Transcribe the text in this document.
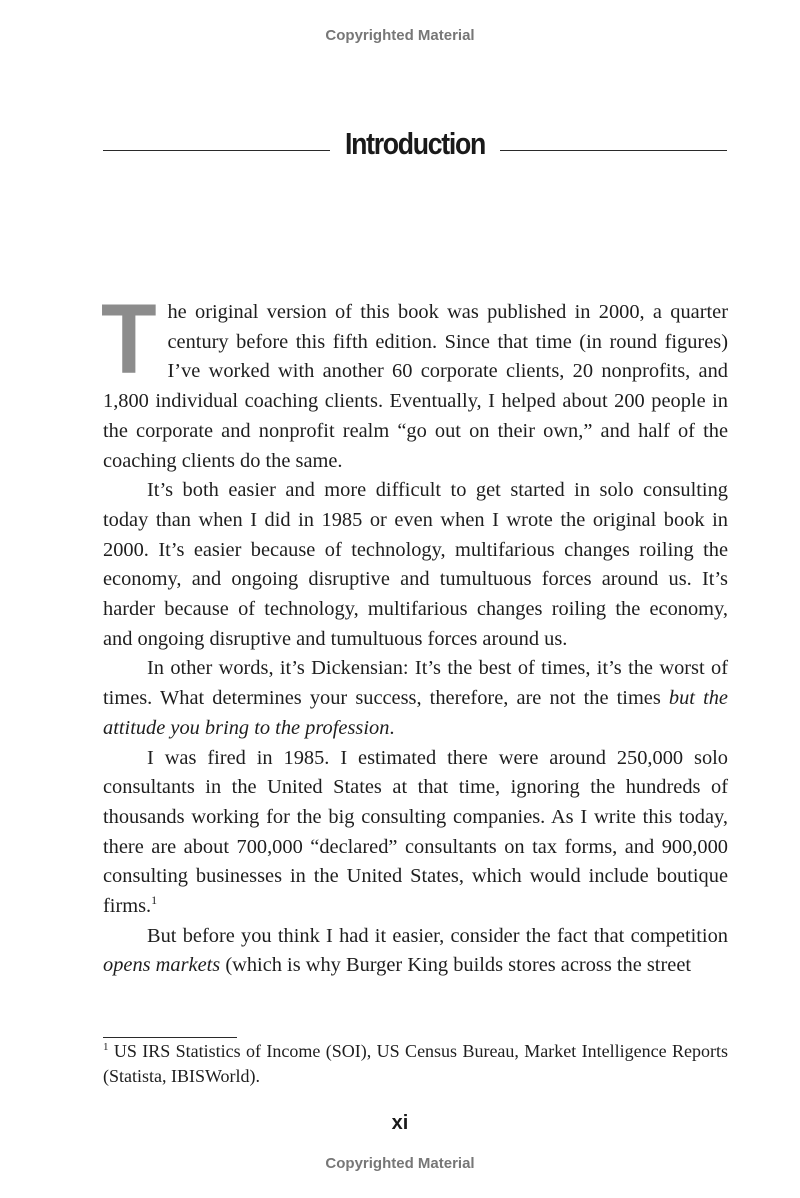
Copyrighted Material
Introduction

The original version of this book was published in 2000, a quarter century before this fifth edition. Since that time (in round figures) I’ve worked with another 60 corporate clients, 20 nonprofits, and 1,800 individual coaching clients. Eventually, I helped about 200 people in the corporate and nonprofit realm “go out on their own,” and half of the coaching clients do the same.

It’s both easier and more difficult to get started in solo consulting today than when I did in 1985 or even when I wrote the original book in 2000. It’s easier because of technology, multifarious changes roiling the economy, and ongoing disruptive and tumultuous forces around us. It’s harder because of technology, multifarious changes roiling the economy, and ongoing disruptive and tumultuous forces around us.

In other words, it’s Dickensian: It’s the best of times, it’s the worst of times. What determines your success, therefore, are not the times but the attitude you bring to the profession.

I was fired in 1985. I estimated there were around 250,000 solo consultants in the United States at that time, ignoring the hundreds of thousands working for the big consulting companies. As I write this today, there are about 700,000 “declared” consultants on tax forms, and 900,000 consulting businesses in the United States, which would include boutique firms.$^1$

But before you think I had it easier, consider the fact that competition opens markets (which is why Burger King builds stores across the street

$^1$ US IRS Statistics of Income (SOI), US Census Bureau, Market Intelligence Reports (Statista, IBISWorld).
xi
Copyrighted Material
